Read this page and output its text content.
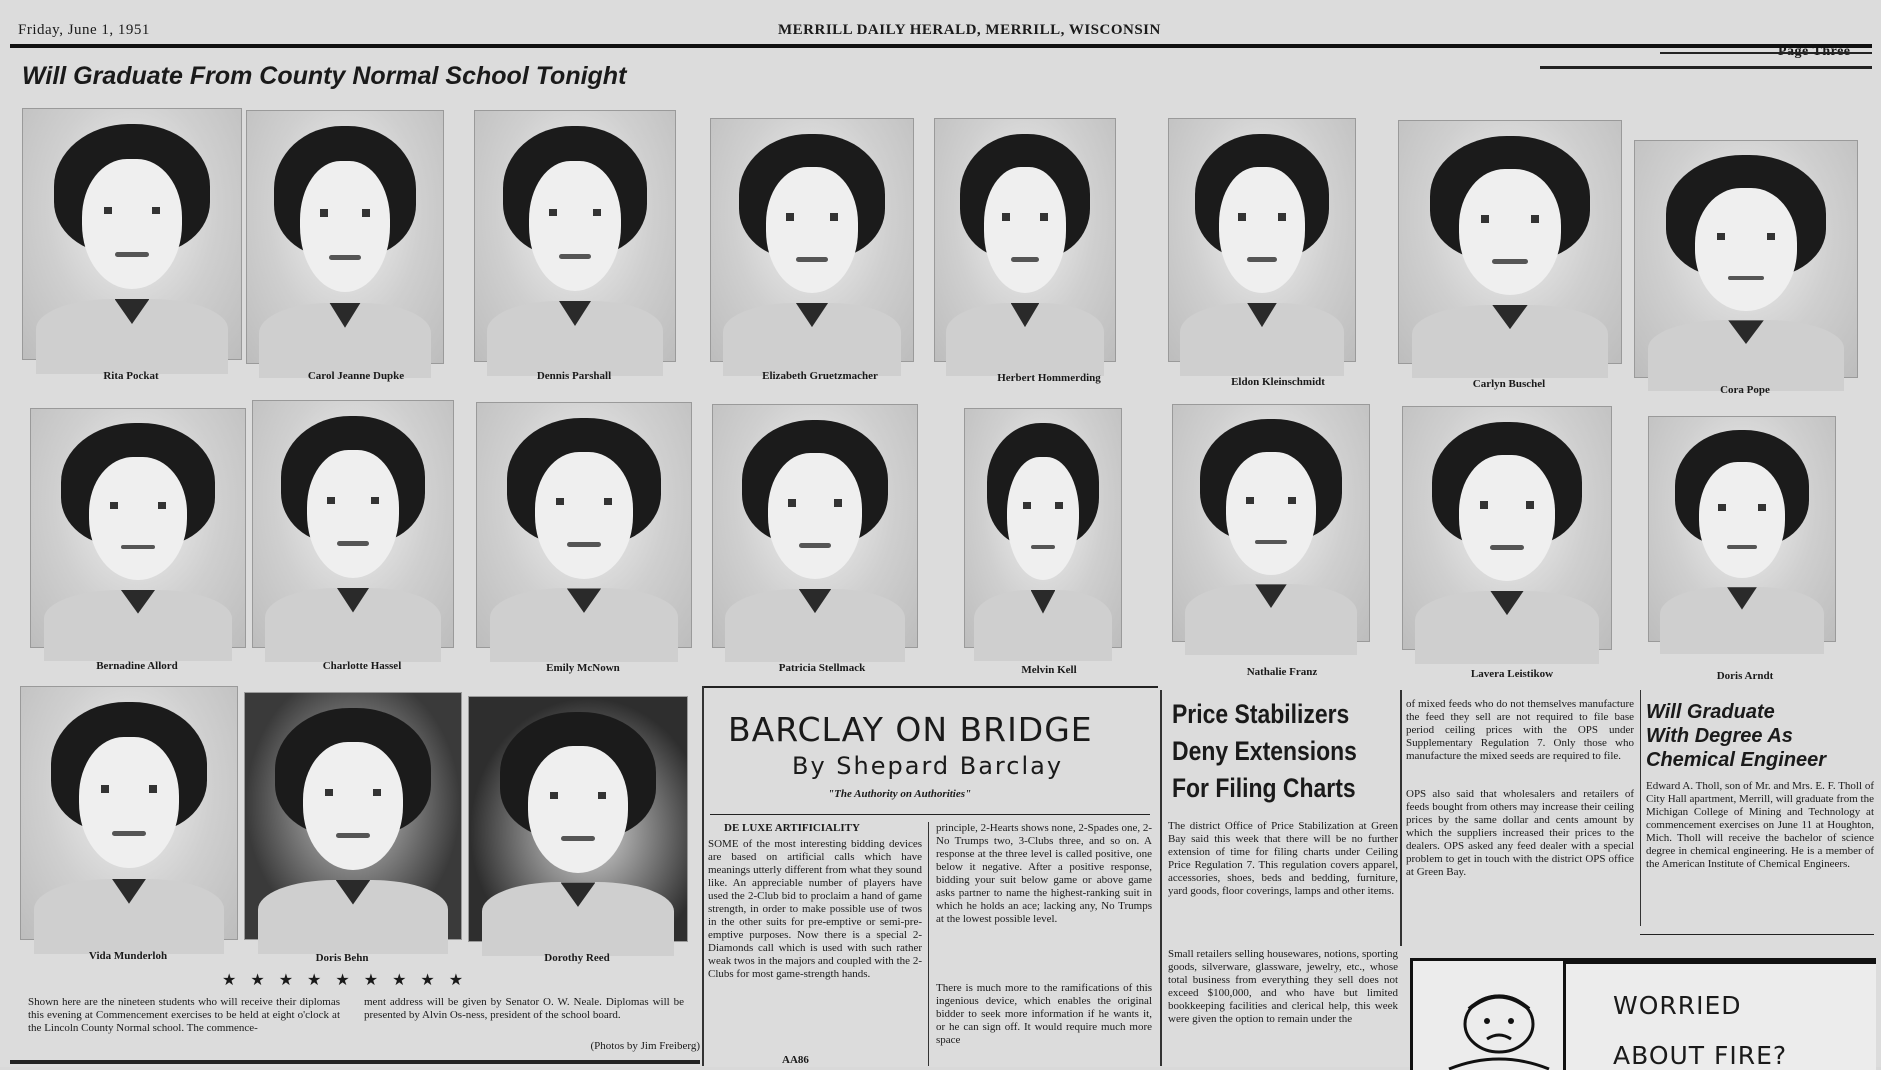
Friday, June 1, 1951	MERRILL DAILY HERALD, MERRILL, WISCONSIN
Will Graduate From County Normal School Tonight
Rita Pockat	Carol Jeanne Dupke	Dennis Parshall	Elizabeth Gruetzmacher	Herbert Hommerding	Eldon Kleinschmidt	Carlyn Buschel	Cora Pope
Bernadine Allord	Charlotte Hassel	Emily McNown	Patricia Stellmack	Melvin Kell	Nathalie Franz	Lavera Leistikow	Doris Arndt
Vida Munderloh	Doris Behn	Dorothy Reed
★★★★★★★★★
Shown here are the nineteen students who will receive their diplomas this evening at Commencement exercises to be held at eight o'clock at the Lincoln County Normal school. The commence-
ment address will be given by Senator O. W. Neale. Diplomas will be presented by Alvin Os-ness, president of the school board.
(Photos by Jim Freiberg)
BARCLAY ON BRIDGE
By Shepard Barclay
"The Authority on Authorities"
DE LUXE ARTIFICIALITY
SOME of the most interesting bidding devices are based on artificial calls which have meanings utterly different from what they sound like. An appreciable number of players have used the 2-Club bid to proclaim a hand of game strength, in order to make possible use of twos in the other suits for pre-emptive or semi-pre-emptive purposes. Now there is a special 2-Diamonds call which is used with such rather weak twos in the majors and coupled with the 2-Clubs for most game-strength hands.
principle, 2-Hearts shows none, 2-Spades one, 2-No Trumps two, 3-Clubs three, and so on. A response at the three level is called positive, one below it negative. After a positive response, bidding your suit below game or above game asks partner to name the highest-ranking suit in which he holds an ace; lacking any, No Trumps at the lowest possible level.
There is much more to the ramifications of this ingenious device, which enables the original bidder to seek more information if he wants it, or he can sign off. It would require much more space
AA86
Price Stabilizers
Deny Extensions
For Filing Charts
The district Office of Price Stabilization at Green Bay said this week that there will be no further extension of time for filing charts under Ceiling Price Regulation 7. This regulation covers apparel, accessories, shoes, beds and bedding, furniture, yard goods, floor coverings, lamps and other items.
Small retailers selling housewares, notions, sporting goods, silverware, glassware, jewelry, etc., whose total business from everything they sell does not exceed $100,000, and who have but limited bookkeeping facilities and clerical help, this week were given the option to remain under the
of mixed feeds who do not themselves manufacture the feed they sell are not required to file base period ceiling prices with the OPS under Supplementary Regulation 7. Only those who manufacture the mixed seeds are required to file.
OPS also said that wholesalers and retailers of feeds bought from others may increase their ceiling prices by the same dollar and cents amount by which the suppliers increased their prices to the dealers. OPS asked any feed dealer with a special problem to get in touch with the district OPS office at Green Bay.
Will Graduate
With Degree As
Chemical Engineer
Edward A. Tholl, son of Mr. and Mrs. E. F. Tholl of City Hall apartment, Merrill, will graduate from the Michigan College of Mining and Technology at commencement exercises on June 11 at Houghton, Mich. Tholl will receive the bachelor of science degree in chemical engineering. He is a member of the American Institute of Chemical Engineers.
WORRIED
ABOUT FIRE?
